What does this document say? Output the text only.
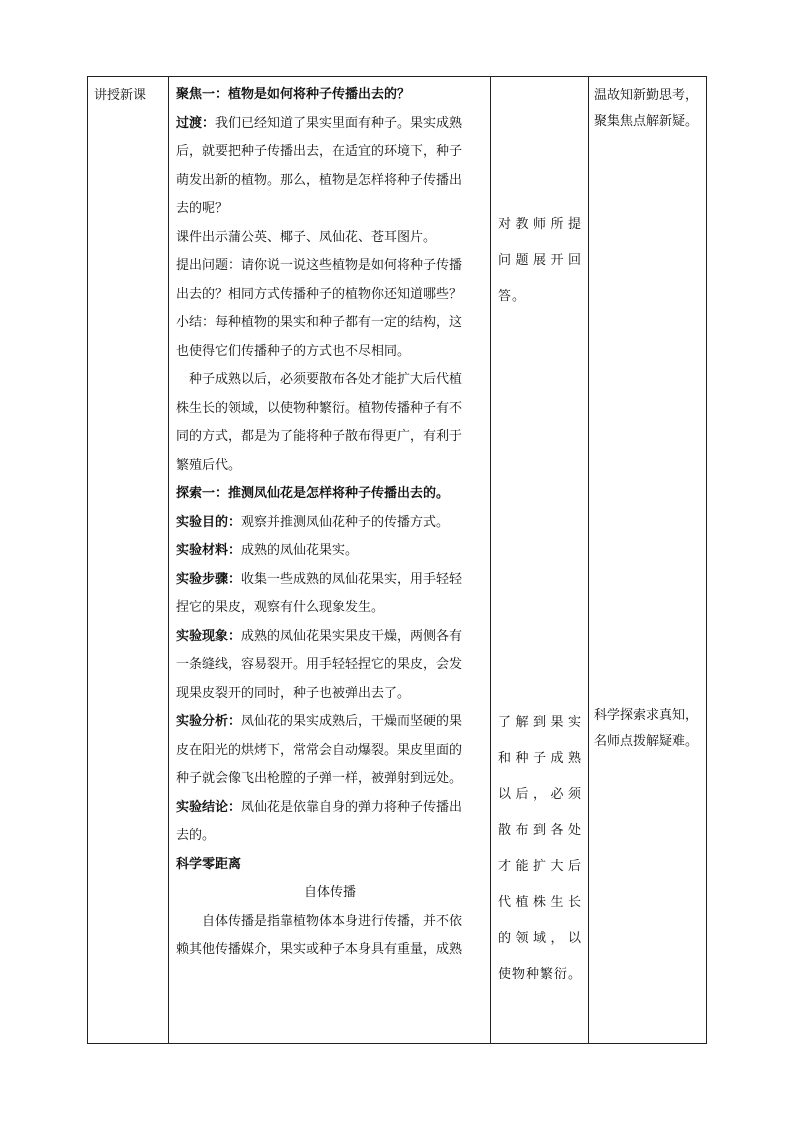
讲授新课	聚焦一：植物是如何将种子传播出去的？

过渡：我们已经知道了果实里面有种子。果实成熟

后，就要把种子传播出去，在适宜的环境下，种子

萌发出新的植物。那么，植物是怎样将种子传播出

去的呢？

课件出示蒲公英、椰子、凤仙花、苍耳图片。

提出问题：请你说一说这些植物是如何将种子传播

出去的？相同方式传播种子的植物你还知道哪些？

小结：每种植物的果实和种子都有一定的结构，这

也使得它们传播种子的方式也不尽相同。

种子成熟以后，必须要散布各处才能扩大后代植

株生长的领域，以使物种繁衍。植物传播种子有不

同的方式，都是为了能将种子散布得更广，有利于

繁殖后代。

探索一：推测凤仙花是怎样将种子传播出去的。

实验目的：观察并推测凤仙花种子的传播方式。

实验材料：成熟的凤仙花果实。

实验步骤：收集一些成熟的凤仙花果实，用手轻轻

捏它的果皮，观察有什么现象发生。

实验现象：成熟的凤仙花果实果皮干燥，两侧各有

一条缝线，容易裂开。用手轻轻捏它的果皮，会发

现果皮裂开的同时，种子也被弹出去了。

实验分析：凤仙花的果实成熟后，干燥而坚硬的果

皮在阳光的烘烤下，常常会自动爆裂。果皮里面的

种子就会像飞出枪膛的子弹一样，被弹射到远处。

实验结论：凤仙花是依靠自身的弹力将种子传播出

去的。

科学零距离

自体传播

自体传播是指靠植物体本身进行传播，并不依

赖其他传播媒介，果实或种子本身具有重量，成熟

对教师所提

问题展开回

答。

了解到果实

和种子成熟

以后，必须

散布到各处

才能扩大后

代植株生长

的领域，以

使物种繁衍。

温故知新勤思考，
聚集焦点解新疑。
科学探索求真知，
名师点拨解疑难。
